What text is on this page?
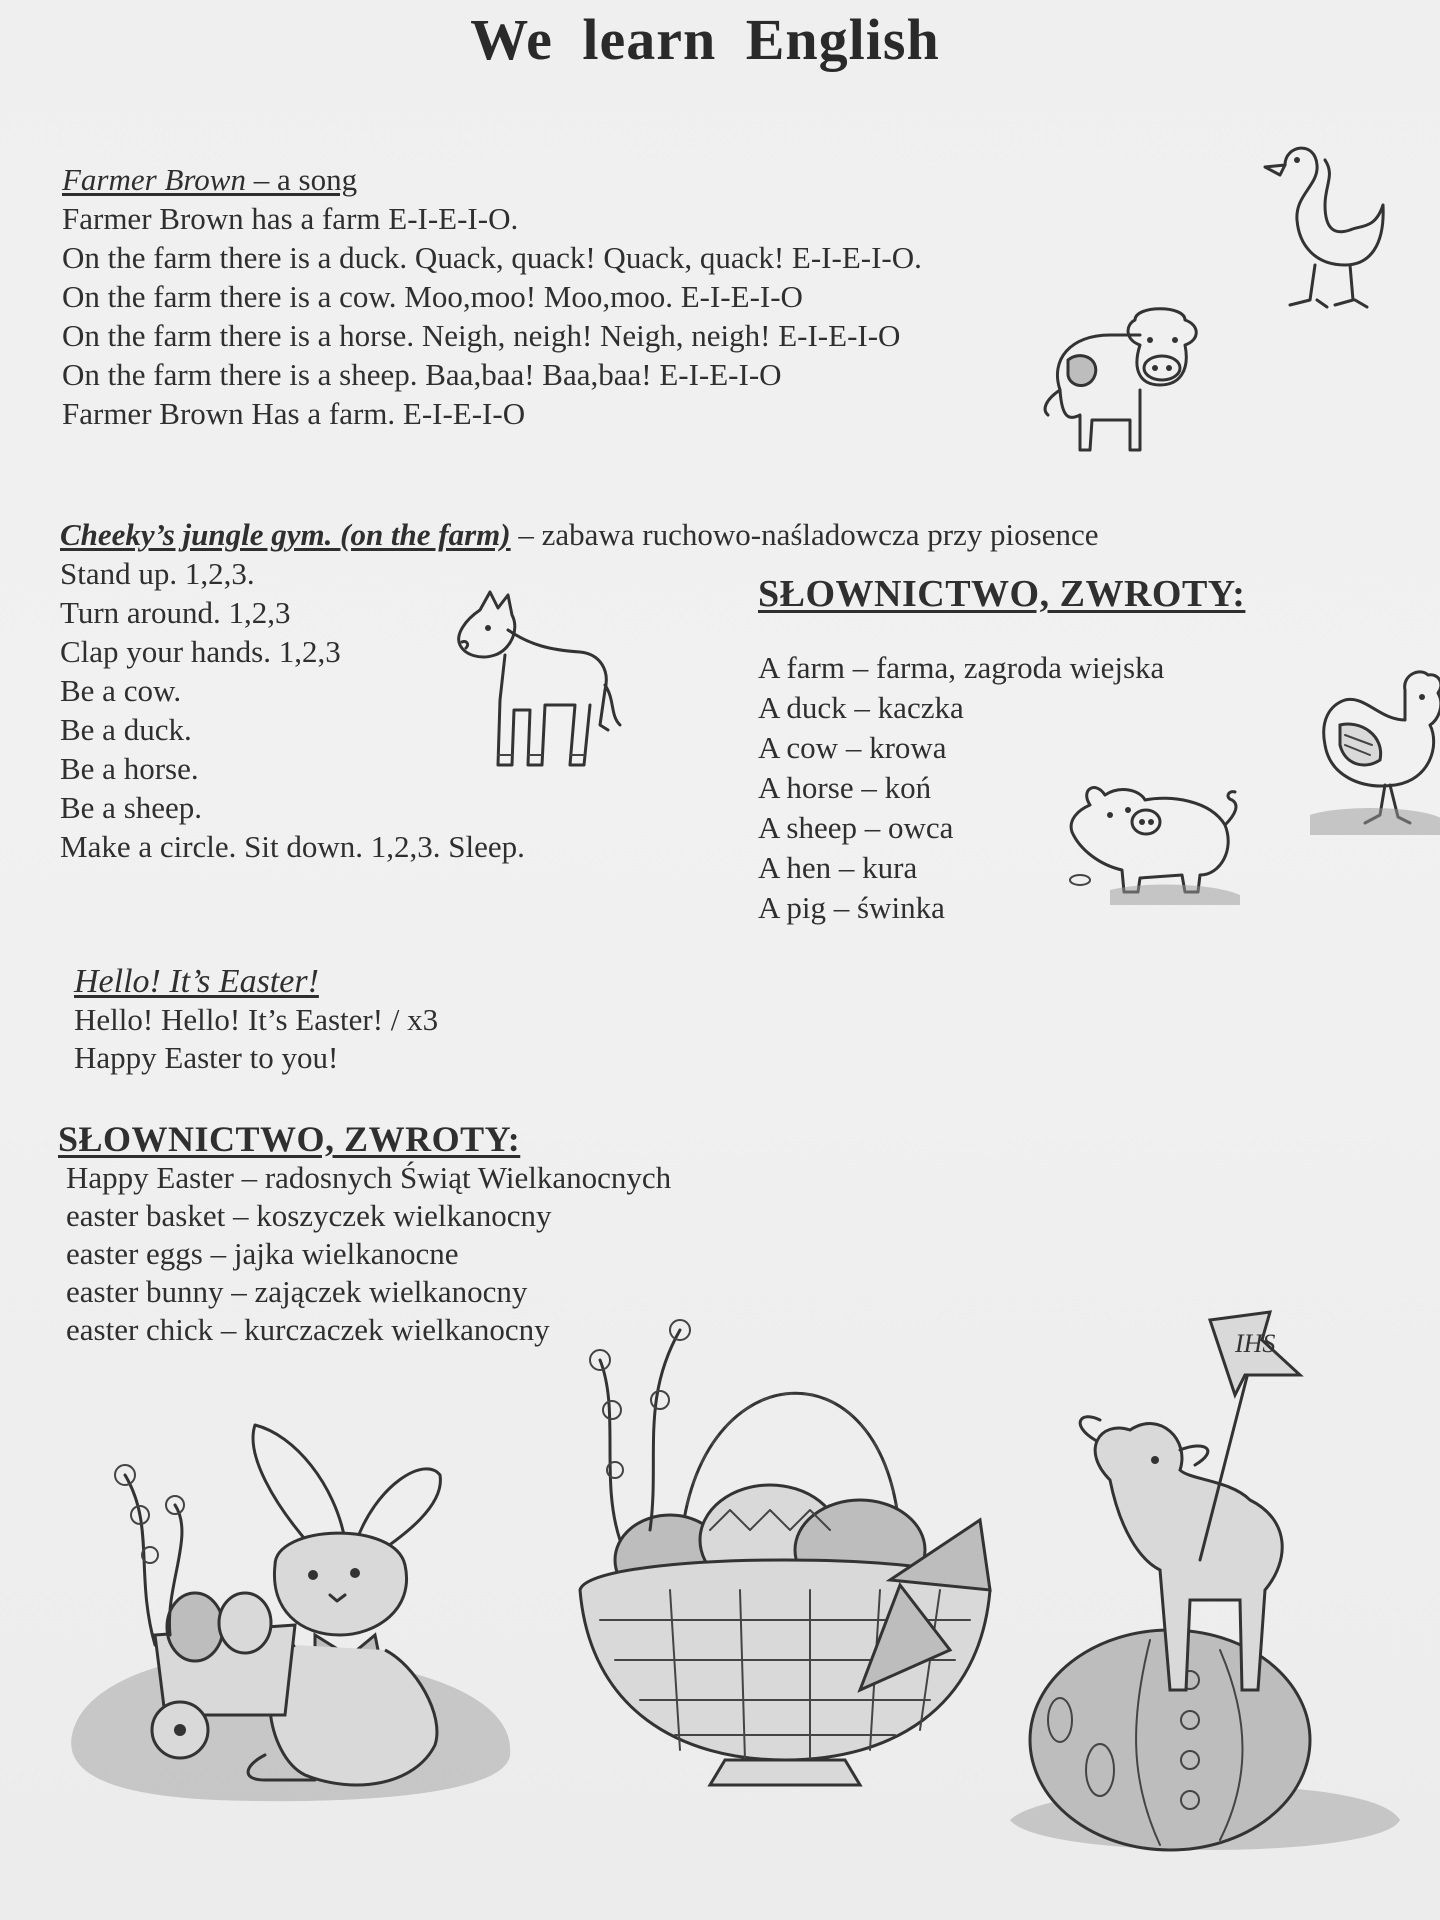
We learn English
Farmer Brown – a song
Farmer Brown has a farm E-I-E-I-O.
On the farm there is a duck. Quack, quack! Quack, quack! E-I-E-I-O.
On the farm there is a cow. Moo,moo! Moo,moo. E-I-E-I-O
On the farm there is a horse. Neigh, neigh! Neigh, neigh! E-I-E-I-O
On the farm there is a sheep. Baa,baa! Baa,baa! E-I-E-I-O
Farmer Brown Has a farm. E-I-E-I-O
Cheeky’s jungle gym. (on the farm) – zabawa ruchowo-naśladowcza przy piosence
Stand up. 1,2,3.
Turn around. 1,2,3
Clap your hands. 1,2,3
Be a cow.
Be a duck.
Be a horse.
Be a sheep.
Make a circle. Sit down. 1,2,3. Sleep.
SŁOWNICTWO, ZWROTY:
A farm – farma, zagroda wiejska
A duck – kaczka
A cow – krowa
A horse – koń
A sheep – owca
A hen – kura
A pig – świnka
Hello! It’s Easter!
Hello! Hello! It’s Easter! / x3
Happy Easter to you!
SŁOWNICTWO, ZWROTY:
Happy Easter – radosnych Świąt Wielkanocnych
easter basket – koszyczek wielkanocny
easter eggs – jajka wielkanocne
easter bunny – zajączek wielkanocny
easter chick – kurczaczek wielkanocny	IHS
